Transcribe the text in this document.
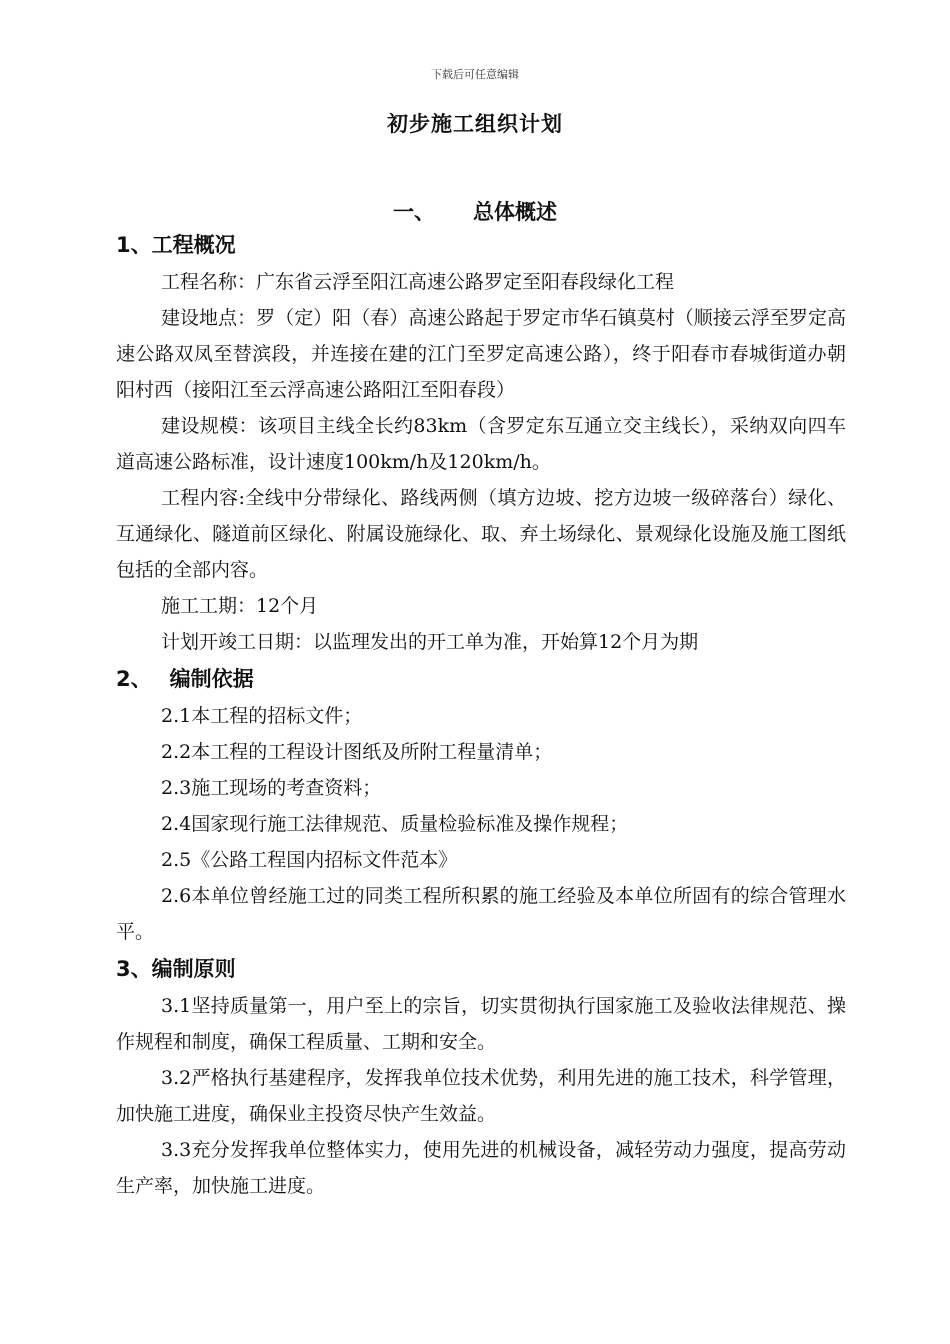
下载后可任意编辑
初步施工组织计划
一、 总体概述
1、工程概况

工程名称：广东省云浮至阳江高速公路罗定至阳春段绿化工程

建设地点：罗（定）阳（春）高速公路起于罗定市华石镇莫村（顺接云浮至罗定高速公路双凤至替滨段，并连接在建的江门至罗定高速公路），终于阳春市春城街道办朝阳村西（接阳江至云浮高速公路阳江至阳春段）

建设规模：该项目主线全长约83km（含罗定东互通立交主线长），采纳双向四车道高速公路标准，设计速度100km/h及120km/h。

工程内容:全线中分带绿化、路线两侧（填方边坡、挖方边坡一级碎落台）绿化、互通绿化、隧道前区绿化、附属设施绿化、取、弃土场绿化、景观绿化设施及施工图纸包括的全部内容。

施工工期：12个月

计划开竣工日期：以监理发出的开工单为准，开始算12个月为期

2、 编制依据

2.1本工程的招标文件；

2.2本工程的工程设计图纸及所附工程量清单；

2.3施工现场的考查资料；

2.4国家现行施工法律规范、质量检验标准及操作规程；

2.5《公路工程国内招标文件范本》

2.6本单位曾经施工过的同类工程所积累的施工经验及本单位所固有的综合管理水平。

3、编制原则

3.1坚持质量第一，用户至上的宗旨，切实贯彻执行国家施工及验收法律规范、操作规程和制度，确保工程质量、工期和安全。

3.2严格执行基建程序，发挥我单位技术优势，利用先进的施工技术，科学管理，加快施工进度，确保业主投资尽快产生效益。

3.3充分发挥我单位整体实力，使用先进的机械设备，减轻劳动力强度，提高劳动生产率，加快施工进度。
